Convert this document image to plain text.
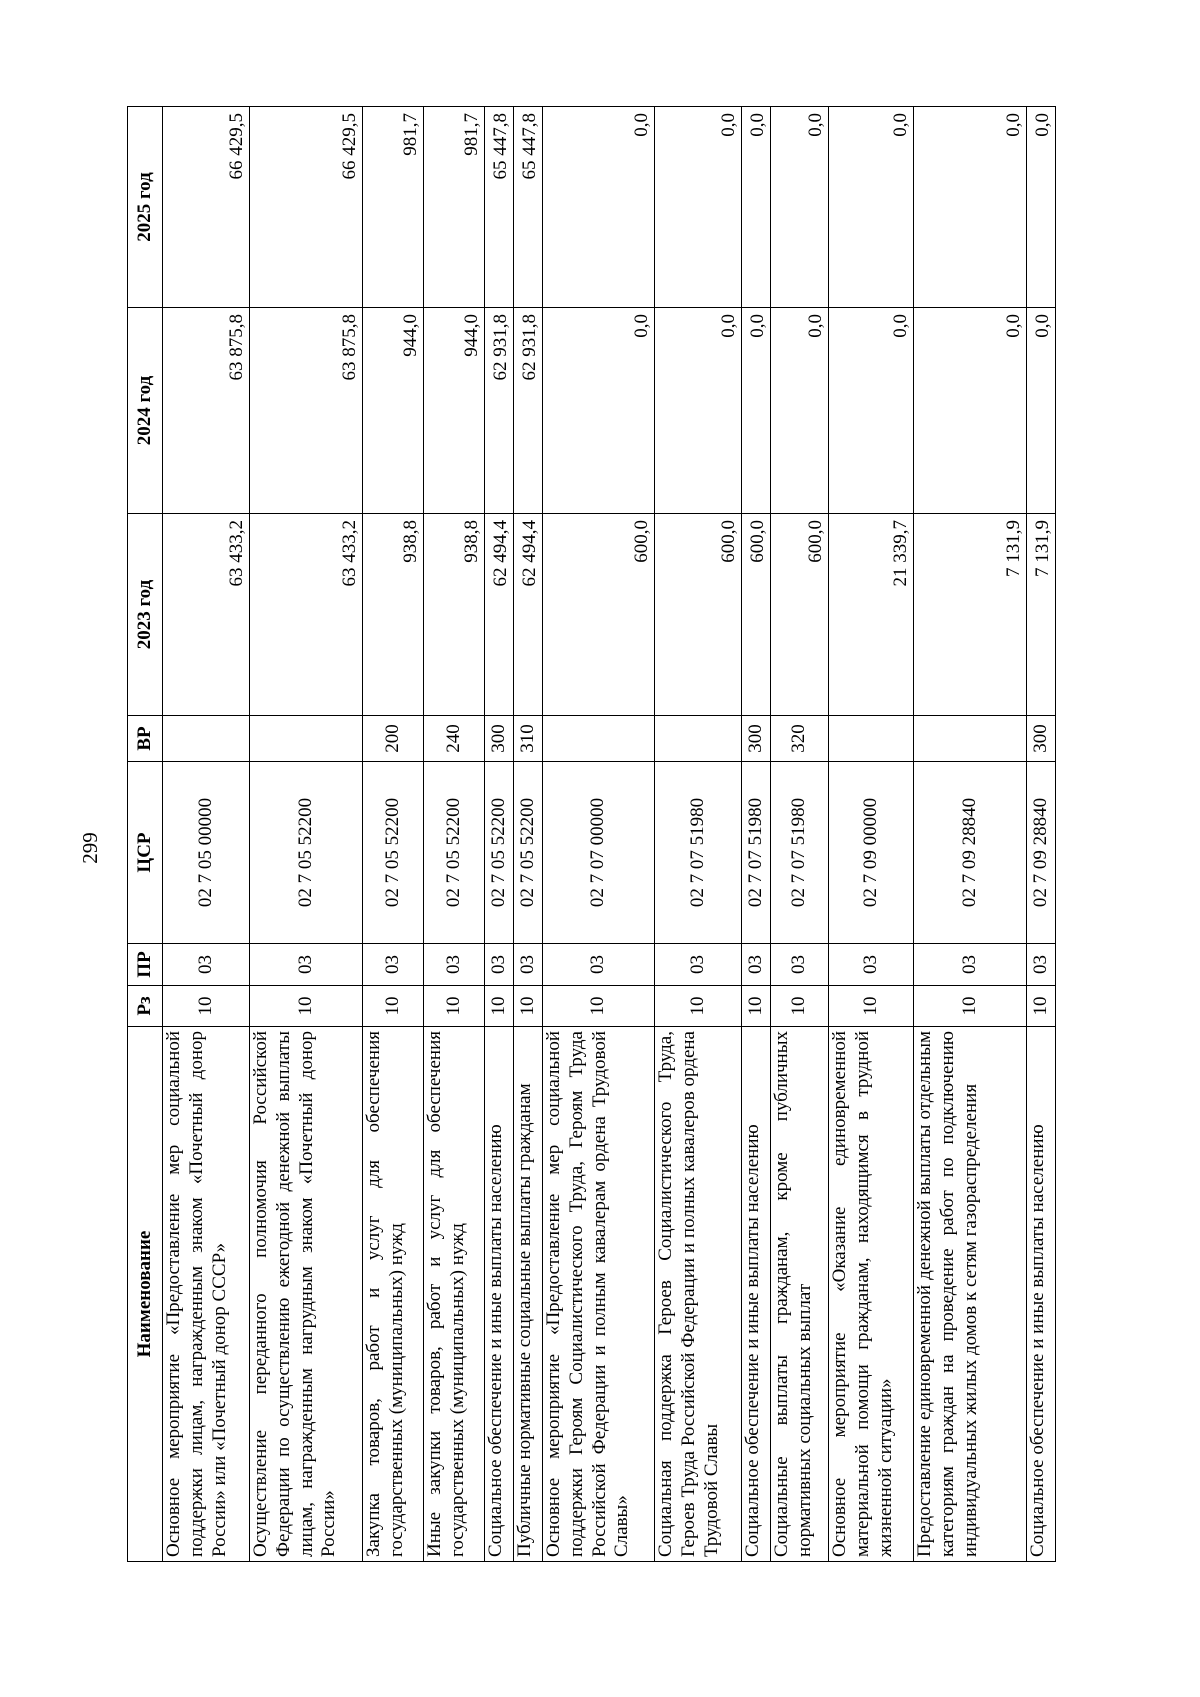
299
Наименование	Рз	ПР	ЦСР	ВР	2023 год	2024 год	2025 год
Основное мероприятие «Предоставление мер социальной поддержки лицам, награжденным знаком «Почетный донор России» или «Почетный донор СССР»	10	03	02 7 05 00000		63 433,2	63 875,8	66 429,5
Осуществление переданного полномочия Российской Федерации по осуществлению ежегодной денежной выплаты лицам, награжденным нагрудным знаком «Почетный донор России»	10	03	02 7 05 52200		63 433,2	63 875,8	66 429,5
Закупка товаров, работ и услуг для обеспечения государственных (муниципальных) нужд	10	03	02 7 05 52200	200	938,8	944,0	981,7
Иные закупки товаров, работ и услуг для обеспечения государственных (муниципальных) нужд	10	03	02 7 05 52200	240	938,8	944,0	981,7
Социальное обеспечение и иные выплаты населению	10	03	02 7 05 52200	300	62 494,4	62 931,8	65 447,8
Публичные нормативные социальные выплаты гражданам	10	03	02 7 05 52200	310	62 494,4	62 931,8	65 447,8
Основное мероприятие «Предоставление мер социальной поддержки Героям Социалистического Труда, Героям Труда Российской Федерации и полным кавалерам ордена Трудовой Славы»	10	03	02 7 07 00000		600,0	0,0	0,0
Социальная поддержка Героев Социалистического Труда, Героев Труда Российской Федерации и полных кавалеров ордена Трудовой Славы	10	03	02 7 07 51980		600,0	0,0	0,0
Социальное обеспечение и иные выплаты населению	10	03	02 7 07 51980	300	600,0	0,0	0,0
Социальные выплаты гражданам, кроме публичных нормативных социальных выплат	10	03	02 7 07 51980	320	600,0	0,0	0,0
Основное мероприятие «Оказание единовременной материальной помощи гражданам, находящимся в трудной жизненной ситуации»	10	03	02 7 09 00000		21 339,7	0,0	0,0
Предоставление единовременной денежной выплаты отдельным категориям граждан на проведение работ по подключению индивидуальных жилых домов к сетям газораспределения	10	03	02 7 09 28840		7 131,9	0,0	0,0
Социальное обеспечение и иные выплаты населению	10	03	02 7 09 28840	300	7 131,9	0,0	0,0
